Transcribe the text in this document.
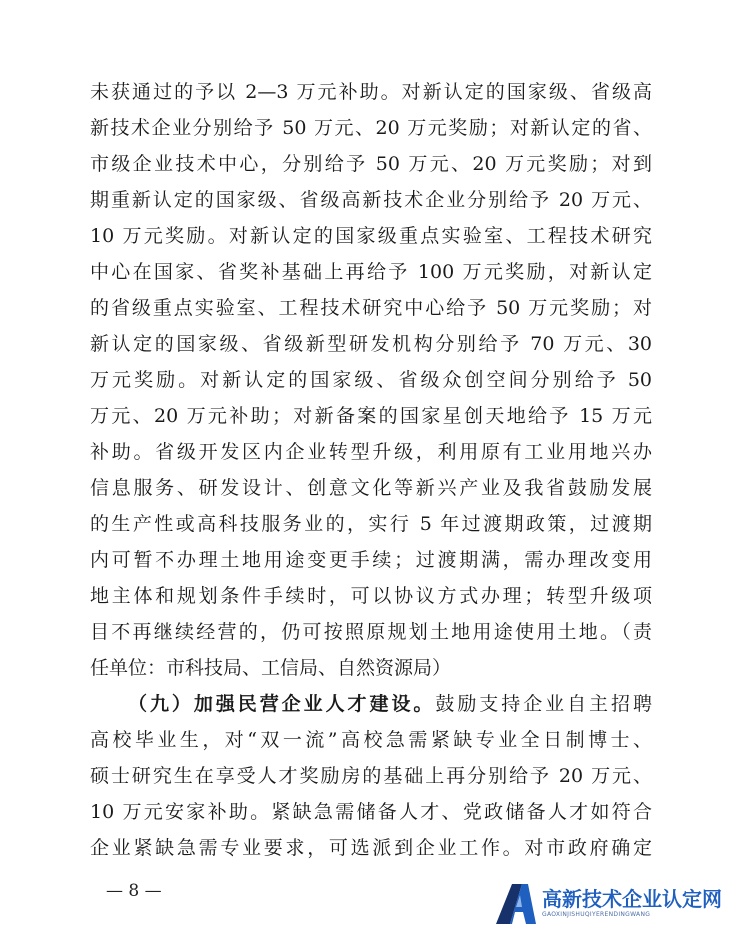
未获通过的予以 2—3 万元补助。对新认定的国家级、省级高
新技术企业分别给予 50 万元、20 万元奖励；对新认定的省、
市级企业技术中心，分别给予 50 万元、20 万元奖励；对到
期重新认定的国家级、省级高新技术企业分别给予 20 万元、
10 万元奖励。对新认定的国家级重点实验室、工程技术研究
中心在国家、省奖补基础上再给予 100 万元奖励，对新认定
的省级重点实验室、工程技术研究中心给予 50 万元奖励；对
新认定的国家级、省级新型研发机构分别给予 70 万元、30
万元奖励。对新认定的国家级、省级众创空间分别给予 50
万元、20 万元补助；对新备案的国家星创天地给予 15 万元
补助。省级开发区内企业转型升级，利用原有工业用地兴办
信息服务、研发设计、创意文化等新兴产业及我省鼓励发展
的生产性或高科技服务业的，实行 5 年过渡期政策，过渡期
内可暂不办理土地用途变更手续；过渡期满，需办理改变用
地主体和规划条件手续时，可以协议方式办理；转型升级项
目不再继续经营的，仍可按照原规划土地用途使用土地。（责
任单位：市科技局、工信局、自然资源局）
（九）加强民营企业人才建设。鼓励支持企业自主招聘
高校毕业生，对“双一流”高校急需紧缺专业全日制博士、
硕士研究生在享受人才奖励房的基础上再分别给予 20 万元、
10 万元安家补助。紧缺急需储备人才、党政储备人才如符合
企业紧缺急需专业要求，可选派到企业工作。对市政府确定
— 8 —	高新技术企业认定网
GAOXINJISHUQIYERENDINGWANG
